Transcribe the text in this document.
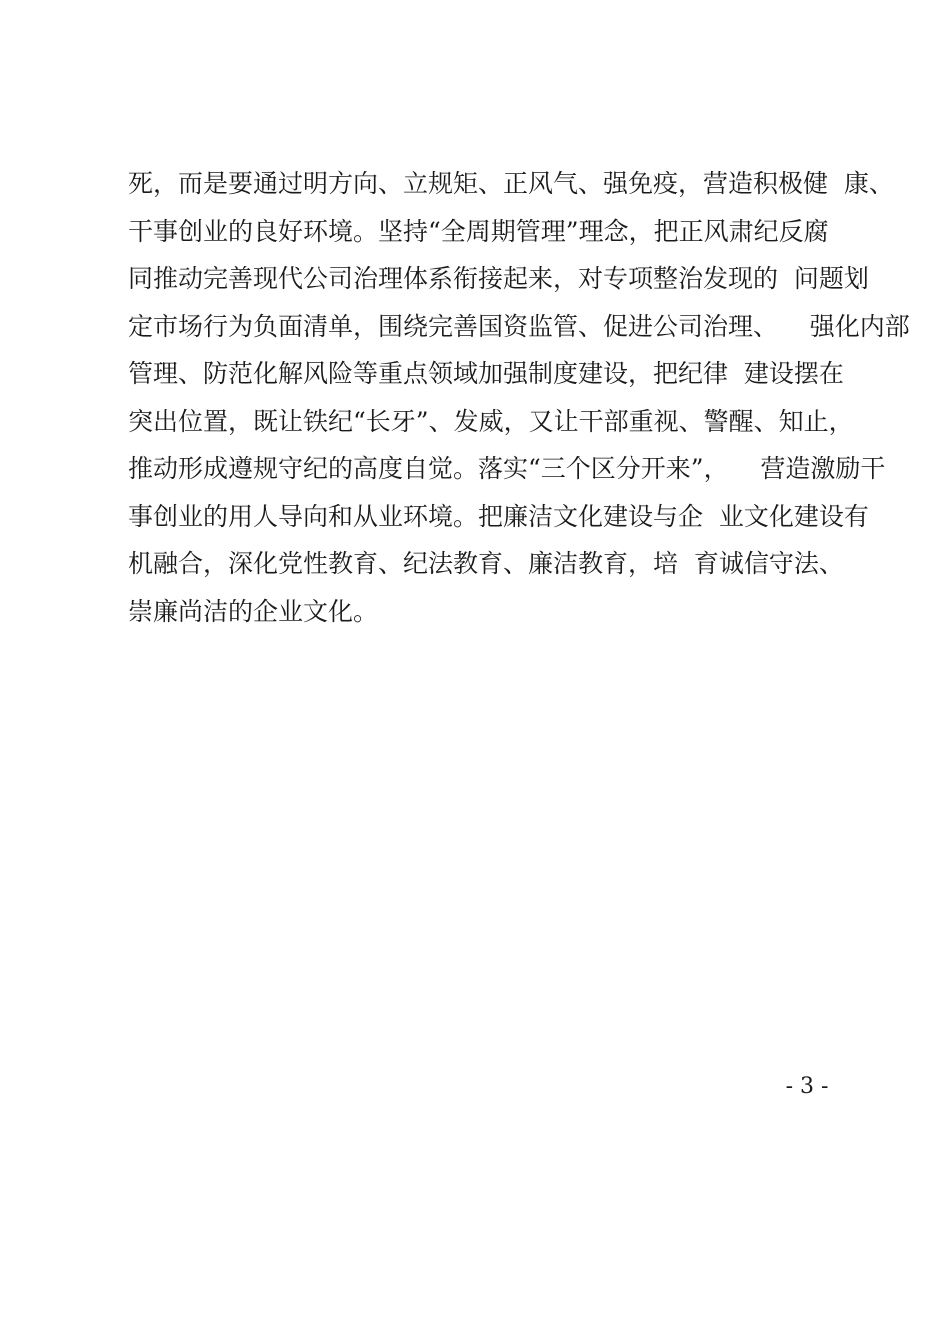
死，而是要通过明方向、立规矩、正风气、强免疫，营造积极健  康、
干事创业的良好环境。坚持“全周期管理”理念，把正风肃纪反腐
同推动完善现代公司治理体系衔接起来，对专项整治发现的  问题划
定市场行为负面清单，围绕完善国资监管、促进公司治理、    强化内部
管理、防范化解风险等重点领域加强制度建设，把纪律  建设摆在
突出位置，既让铁纪“长牙”、发威，又让干部重视、警醒、知止，
推动形成遵规守纪的高度自觉。落实“三个区分开来”，    营造激励干
事创业的用人导向和从业环境。把廉洁文化建设与企  业文化建设有
机融合，深化党性教育、纪法教育、廉洁教育，培  育诚信守法、
崇廉尚洁的企业文化。
- 3 -
